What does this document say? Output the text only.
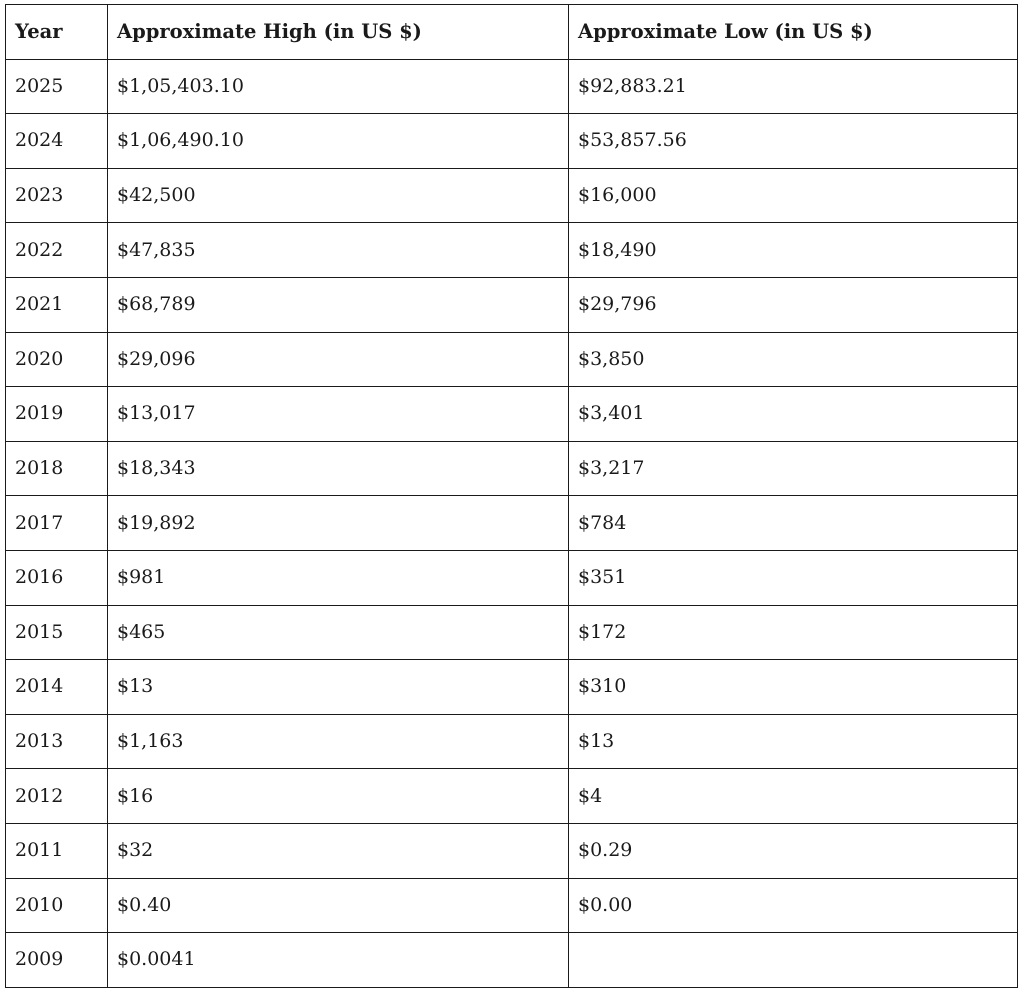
Year	Approximate High (in US $)	Approximate Low (in US $)
2025	$1,05,403.10	$92,883.21
2024	$1,06,490.10	$53,857.56
2023	$42,500	$16,000
2022	$47,835	$18,490
2021	$68,789	$29,796
2020	$29,096	$3,850
2019	$13,017	$3,401
2018	$18,343	$3,217
2017	$19,892	$784
2016	$981	$351
2015	$465	$172
2014	$13	$310
2013	$1,163	$13
2012	$16	$4
2011	$32	$0.29
2010	$0.40	$0.00
2009	$0.0041	
